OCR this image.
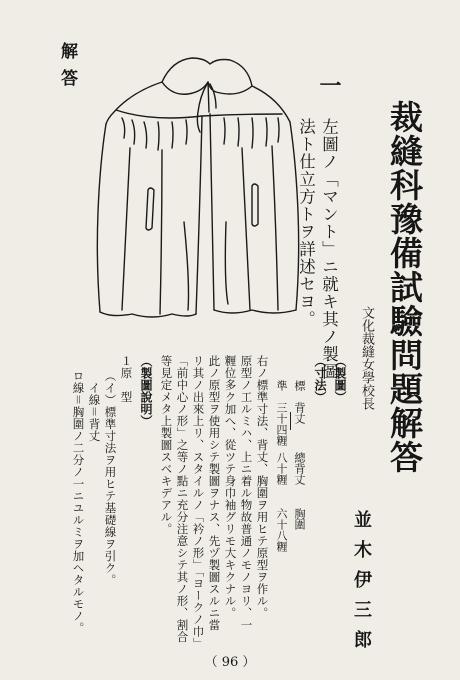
裁縫科豫備試驗問題解答
文化裁縫女學校長
並木伊三郎
解答	一
左圖ノ「マント」ニ就キ其ノ製圖
法ト仕立方トヲ詳述セヨ。
（製圖）
（寸法）
標　背丈
總背丈
胸圍
準　三十四糎
八十糎
六十八糎
右ノ標準寸法、背丈、胸圍ヲ用ヒテ原型ヲ作ル。
原型ノ工ルミハ、上ニ着ル物故普通ノモノヨリ、一
糎位多ク加へ、從ツテ身巾袖グリモ大キクナル。
此ノ原型ヲ使用シテ製圖ヲナス、先ヅ製圖スルニ當
リ其ノ出來上リ、スタイルノ「衿ノ形」「ヨークノ巾」
「前中心ノ形」之等ノ點ニ充分注意シテ其ノ形、割合
等見定メタ上製圖スベキデアル。
（製圖說明）
１原　型
（イ）標準寸法ヲ用ヒテ基礎線ヲ引ク。
イ線＝背丈
ロ線＝胸圍ノ二分ノ一ニユルミヲ加ヘタルモノ。
（ 96 ）
